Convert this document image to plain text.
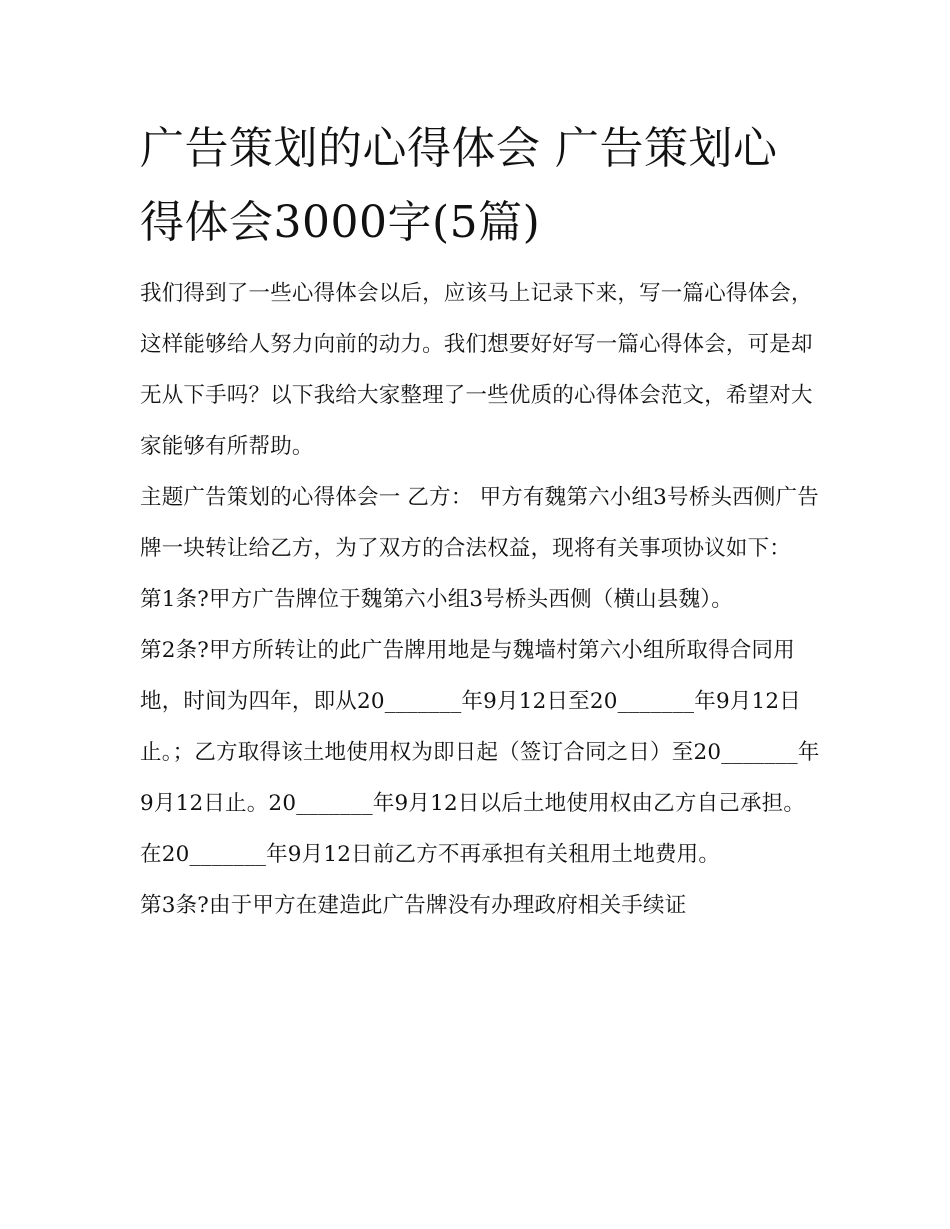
广告策划的心得体会 广告策划心得体会3000字(5篇)

我们得到了一些心得体会以后，应该马上记录下来，写一篇心得体会，这样能够给人努力向前的动力。我们想要好好写一篇心得体会，可是却无从下手吗？以下我给大家整理了一些优质的心得体会范文，希望对大家能够有所帮助。

主题广告策划的心得体会一 乙方： 甲方有魏第六小组3号桥头西侧广告牌一块转让给乙方，为了双方的合法权益，现将有关事项协议如下：

第1条?甲方广告牌位于魏第六小组3号桥头西侧（横山县魏）。

第2条?甲方所转让的此广告牌用地是与魏墙村第六小组所取得合同用地，时间为四年，即从20_______年9月12日至20_______年9月12日止。；乙方取得该土地使用权为即日起（签订合同之日）至20_______年9月12日止。20_______年9月12日以后土地使用权由乙方自己承担。在20_______年9月12日前乙方不再承担有关租用土地费用。

第3条?由于甲方在建造此广告牌没有办理政府相关手续证
